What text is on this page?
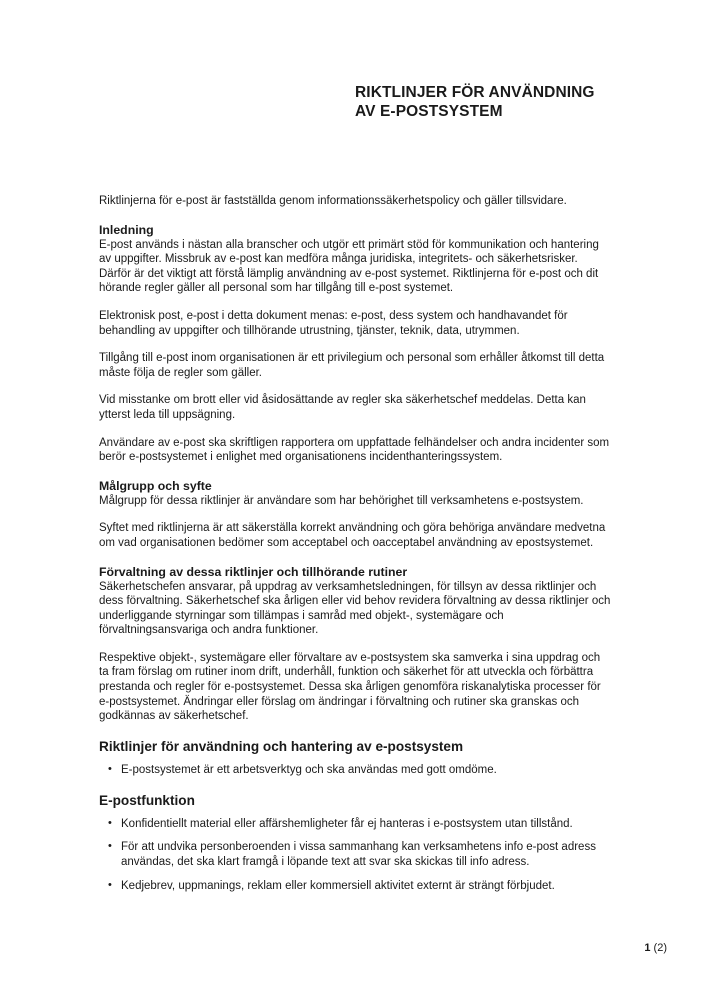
RIKTLINJER FÖR ANVÄNDNING
AV E-POSTSYSTEM
Riktlinjerna för e-post är fastställda genom informationssäkerhetspolicy och gäller tillsvidare.
Inledning
E-post används i nästan alla branscher och utgör ett primärt stöd för kommunikation och hantering av uppgifter. Missbruk av e-post kan medföra många juridiska, integritets- och säkerhetsrisker. Därför är det viktigt att förstå lämplig användning av e-post systemet. Riktlinjerna för e-post och dit hörande regler gäller all personal som har tillgång till e-post systemet.
Elektronisk post, e-post i detta dokument menas: e-post, dess system och handhavandet för behandling av uppgifter och tillhörande utrustning, tjänster, teknik, data, utrymmen.
Tillgång till e-post inom organisationen är ett privilegium och personal som erhåller åtkomst till detta måste följa de regler som gäller.
Vid misstanke om brott eller vid åsidosättande av regler ska säkerhetschef meddelas. Detta kan ytterst leda till uppsägning.
Användare av e-post ska skriftligen rapportera om uppfattade felhändelser och andra incidenter som berör e-postsystemet i enlighet med organisationens incidenthanteringssystem.
Målgrupp och syfte
Målgrupp för dessa riktlinjer är användare som har behörighet till verksamhetens e-postsystem.
Syftet med riktlinjerna är att säkerställa korrekt användning och göra behöriga användare medvetna om vad organisationen bedömer som acceptabel och oacceptabel användning av epostsystemet.
Förvaltning av dessa riktlinjer och tillhörande rutiner
Säkerhetschefen ansvarar, på uppdrag av verksamhetsledningen, för tillsyn av dessa riktlinjer och dess förvaltning. Säkerhetschef ska årligen eller vid behov revidera förvaltning av dessa riktlinjer och underliggande styrningar som tillämpas i samråd med objekt-, systemägare och förvaltningsansvariga och andra funktioner.
Respektive objekt-, systemägare eller förvaltare av e-postsystem ska samverka i sina uppdrag och ta fram förslag om rutiner inom drift, underhåll, funktion och säkerhet för att utveckla och förbättra prestanda och regler för e-postsystemet. Dessa ska årligen genomföra riskanalytiska processer för e-postsystemet. Ändringar eller förslag om ändringar i förvaltning och rutiner ska granskas och godkännas av säkerhetschef.
Riktlinjer för användning och hantering av e-postsystem
• E-postsystemet är ett arbetsverktyg och ska användas med gott omdöme.
E-postfunktion
• Konfidentiellt material eller affärshemligheter får ej hanteras i e-postsystem utan tillstånd.
• För att undvika personberoenden i vissa sammanhang kan verksamhetens info e-post adress användas, det ska klart framgå i löpande text att svar ska skickas till info adress.
• Kedjebrev, uppmanings, reklam eller kommersiell aktivitet externt är strängt förbjudet.
1 (2)
